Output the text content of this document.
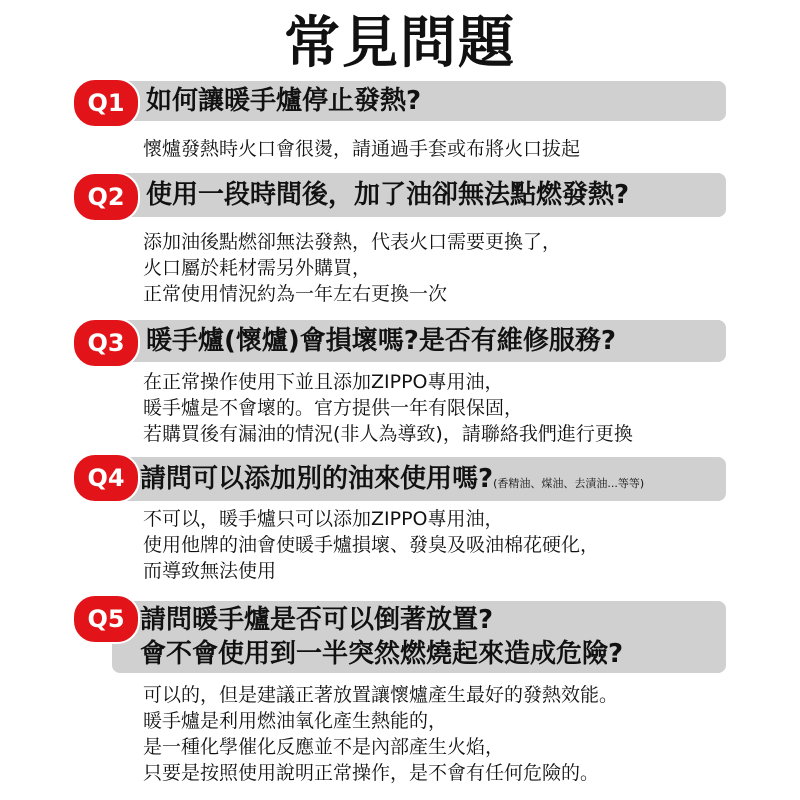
常見問題
Q1 如何讓暖手爐停止發熱?
懷爐發熱時火口會很燙，請通過手套或布將火口拔起
Q2 使用一段時間後，加了油卻無法點燃發熱?
添加油後點燃卻無法發熱，代表火口需要更換了，
火口屬於耗材需另外購買，
正常使用情況約為一年左右更換一次
Q3 暖手爐(懷爐)會損壞嗎?是否有維修服務?
在正常操作使用下並且添加ZIPPO專用油，
暖手爐是不會壞的。官方提供一年有限保固，
若購買後有漏油的情況(非人為導致)，請聯絡我們進行更換
Q4 請問可以添加別的油來使用嗎?(香精油、煤油、去漬油...等等)
不可以，暖手爐只可以添加ZIPPO專用油，
使用他牌的油會使暖手爐損壞、發臭及吸油棉花硬化，
而導致無法使用
Q5 請問暖手爐是否可以倒著放置?
會不會使用到一半突然燃燒起來造成危險?
可以的，但是建議正著放置讓懷爐產生最好的發熱效能。
暖手爐是利用燃油氧化產生熱能的，
是一種化學催化反應並不是內部產生火焰，
只要是按照使用說明正常操作，是不會有任何危險的。
